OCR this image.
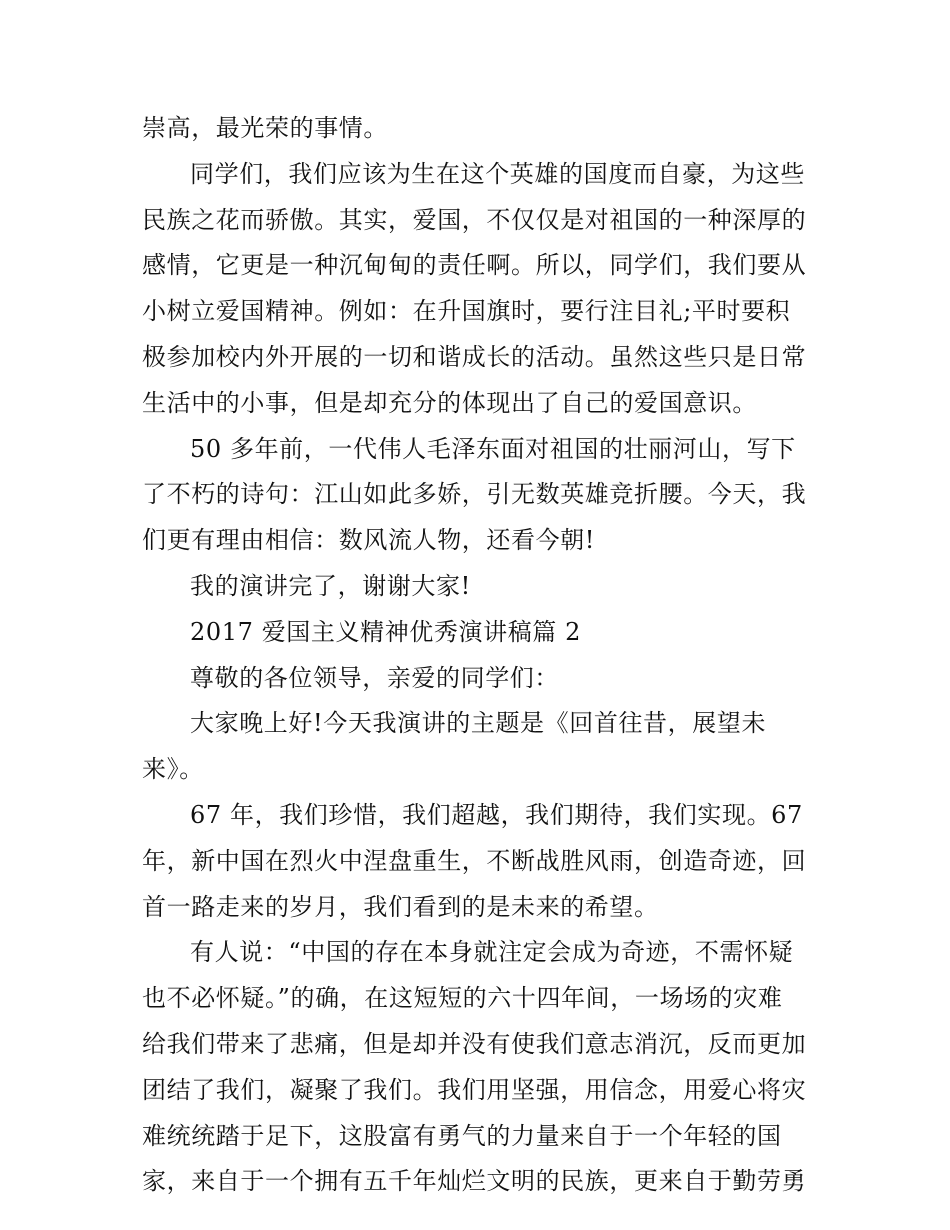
崇高，最光荣的事情。
同学们，我们应该为生在这个英雄的国度而自豪，为这些
民族之花而骄傲。其实，爱国，不仅仅是对祖国的一种深厚的
感情，它更是一种沉甸甸的责任啊。所以，同学们，我们要从
小树立爱国精神。例如：在升国旗时，要行注目礼;平时要积
极参加校内外开展的一切和谐成长的活动。虽然这些只是日常
生活中的小事，但是却充分的体现出了自己的爱国意识。
50 多年前，一代伟人毛泽东面对祖国的壮丽河山，写下
了不朽的诗句：江山如此多娇，引无数英雄竞折腰。今天，我
们更有理由相信：数风流人物，还看今朝!
我的演讲完了，谢谢大家!
2017 爱国主义精神优秀演讲稿篇 2
尊敬的各位领导，亲爱的同学们：
大家晚上好!今天我演讲的主题是《回首往昔，展望未
来》。
67 年，我们珍惜，我们超越，我们期待，我们实现。67
年，新中国在烈火中涅盘重生，不断战胜风雨，创造奇迹，回
首一路走来的岁月，我们看到的是未来的希望。
有人说：“中国的存在本身就注定会成为奇迹，不需怀疑
也不必怀疑。”的确，在这短短的六十四年间，一场场的灾难
给我们带来了悲痛，但是却并没有使我们意志消沉，反而更加
团结了我们，凝聚了我们。我们用坚强，用信念，用爱心将灾
难统统踏于足下，这股富有勇气的力量来自于一个年轻的国
家，来自于一个拥有五千年灿烂文明的民族，更来自于勤劳勇
